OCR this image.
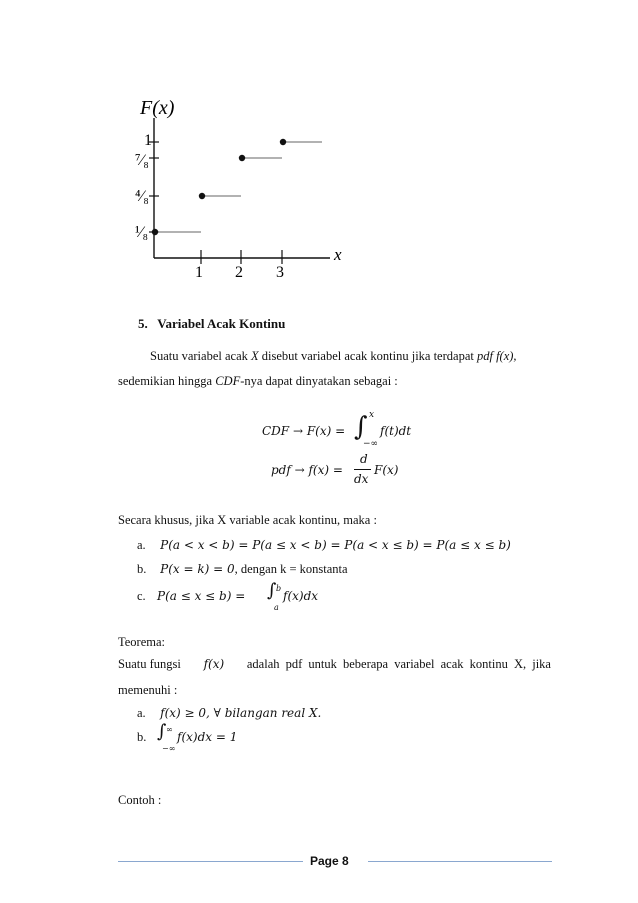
F(x)
x
1
⁷⁄₈
⁴⁄₈
¹⁄₈
1 2 3
5. Variabel Acak Kontinu
Suatu variabel acak X disebut variabel acak kontinu jika terdapat pdf f(x),
sedemikian hingga CDF-nya dapat dinyatakan sebagai :
CDF → F(x) = ∫ x
−∞
f(t)dt
pdf → f(x) =
d
dx
F(x)
Secara khusus, jika X variable acak kontinu, maka :
a. P(a < x < b) = P(a ≤ x < b) = P(a < x ≤ b) = P(a ≤ x ≤ b)
b. P(x = k) = 0, dengan k = konstanta
c. P(a ≤ x ≤ b) = ∫ b
a
f(x)dx
Teorema:
Suatu fungsi f(x) adalah pdf untuk beberapa variabel acak kontinu X, jika
memenuhi :
a. f(x) ≥ 0, ∀ bilangan real X.
b. ∫ ∞
−∞
f(x)dx = 1
Contoh :
Page 8
